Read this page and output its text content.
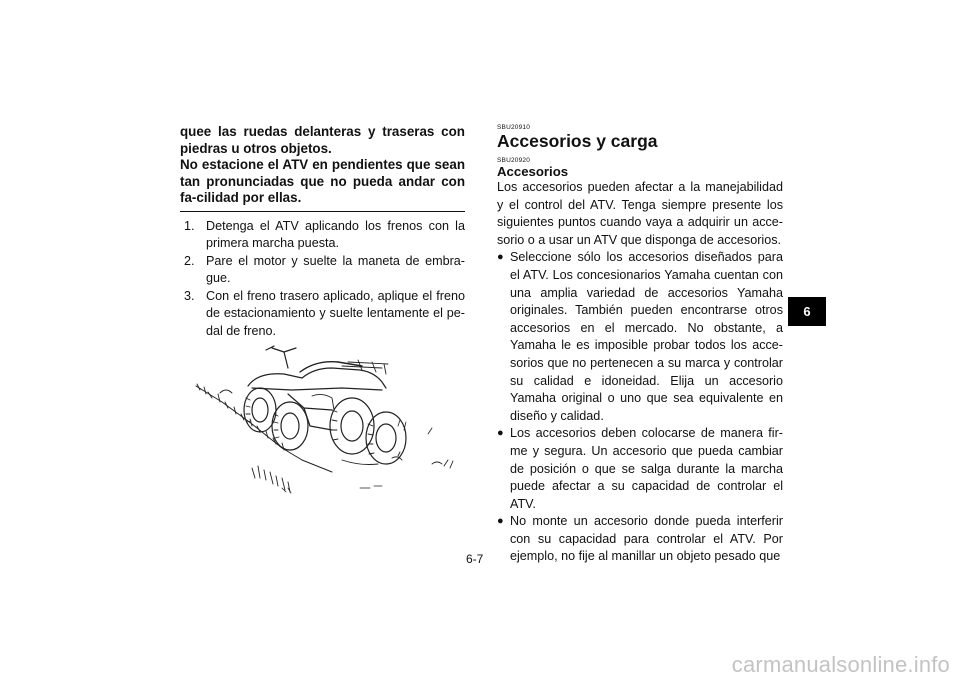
quee las ruedas delanteras y traseras con piedras u otros objetos.

No estacione el ATV en pendientes que sean tan pronunciadas que no pueda andar con fa-cilidad por ellas.

1. Detenga el ATV aplicando los frenos con la primera marcha puesta.
2. Pare el motor y suelte la maneta de embra-gue.
3. Con el freno trasero aplicado, aplique el freno de estacionamiento y suelte lentamente el pe-dal de freno.
SBU20910
Accesorios y carga
SBU20920
Accesorios

Los accesorios pueden afectar a la manejabilidad y el control del ATV. Tenga siempre presente los siguientes puntos cuando vaya a adquirir un acce-sorio o a usar un ATV que disponga de accesorios.

● Seleccione sólo los accesorios diseñados para el ATV. Los concesionarios Yamaha cuentan con una amplia variedad de accesorios Yamaha originales. También pueden encontrarse otros accesorios en el mercado. No obstante, a Yamaha le es imposible probar todos los acce-sorios que no pertenecen a su marca y controlar su calidad e idoneidad. Elija un accesorio Yamaha original o uno que sea equivalente en diseño y calidad.
● Los accesorios deben colocarse de manera fir-me y segura. Un accesorio que pueda cambiar de posición o que se salga durante la marcha puede afectar a su capacidad de controlar el ATV.
● No monte un accesorio donde pueda interferir con su capacidad para controlar el ATV. Por ejemplo, no fije al manillar un objeto pesado que
6-7
6
carmanualsonline.info
